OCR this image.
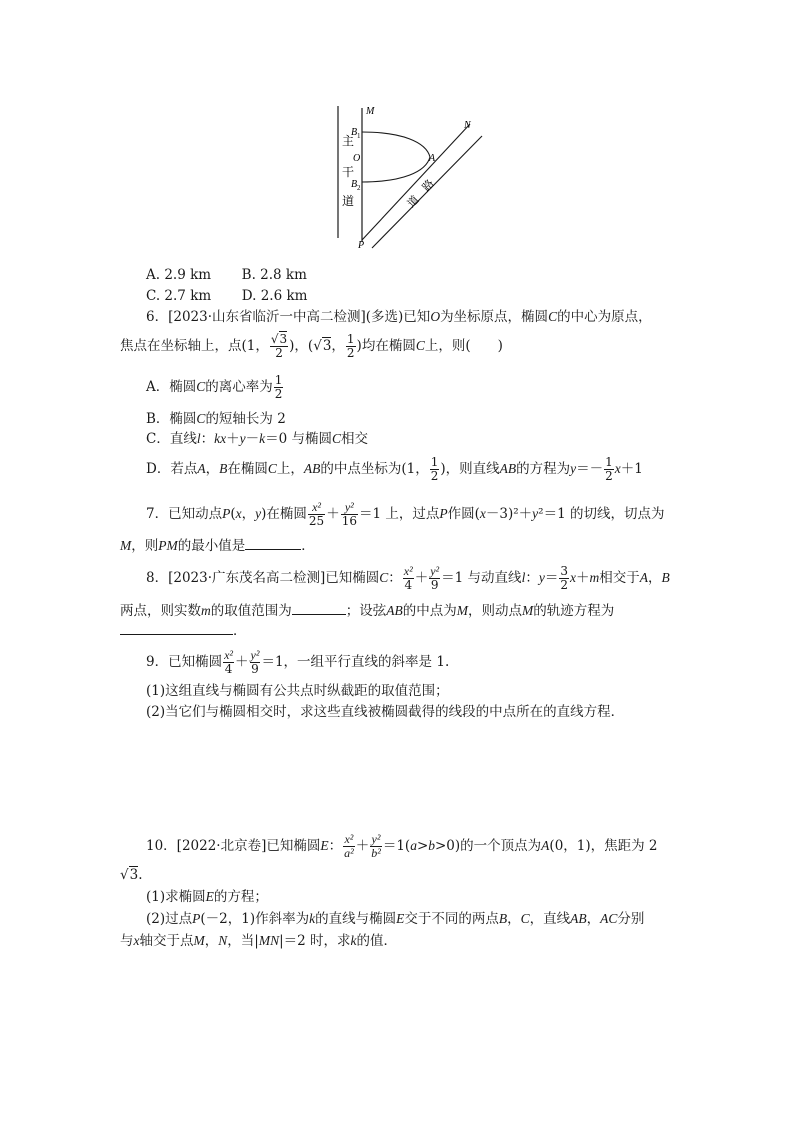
M
N
B 1
O	A
B 2
P
主
干
道	道　路
A. 2.9 km B. 2.8 km
C. 2.7 km D. 2.6 km
6．[2023·山东省临沂一中高二检测](多选)已知O为坐标原点，椭圆C的中心为原点，
焦点在坐标轴上，点(1， $\frac{√3}{2}$ )，(√3， $\frac{1}{2}$ )均在椭圆C上，则(　　)
A．椭圆C的离心率为 $\frac{1}{2}$
B．椭圆C的短轴长为 2
C．直线l：kx＋y－k＝0 与椭圆C相交
D．若点A，B在椭圆C上，AB的中点坐标为(1， $\frac{1}{2}$ )，则直线AB的方程为$y=- \frac{1}{2} x+1$
7．已知动点P(x，y)在椭圆 $\frac{\text{x²}}{25} + \frac{\text{y²}}{16} =1$ 上，过点P作圆(x－3)²＋y²＝1 的切线，切点为
M，则PM的最小值是	．
8．[2023·广东茂名高二检测]已知椭圆C： $\frac{\text{x²}}{4} + \frac{\text{y²}}{9} =1$ 与动直线l：$y= \frac{3}{2} x+m$相交于A，B
两点，则实数m的取值范围为	；设弦AB的中点为M，则动点M的轨迹方程为
．
9．已知椭圆 $\frac{\text{x²}}{4} + \frac{\text{y²}}{9} =1$，一组平行直线的斜率是 1.
(1)这组直线与椭圆有公共点时纵截距的取值范围；
(2)当它们与椭圆相交时，求这些直线被椭圆截得的线段的中点所在的直线方程．
10．[2022·北京卷]已知椭圆E： $\frac{\text{x²}}{\text{a²}} + \frac{\text{y²}}{\text{b²}} =1(a>b>0)$的一个顶点为A(0，1)，焦距为 2
√3.
(1)求椭圆E的方程；
(2)过点P(－2，1)作斜率为k的直线与椭圆E交于不同的两点B，C，直线AB，AC分别
与x轴交于点M，N，当|MN|＝2 时，求k的值．
